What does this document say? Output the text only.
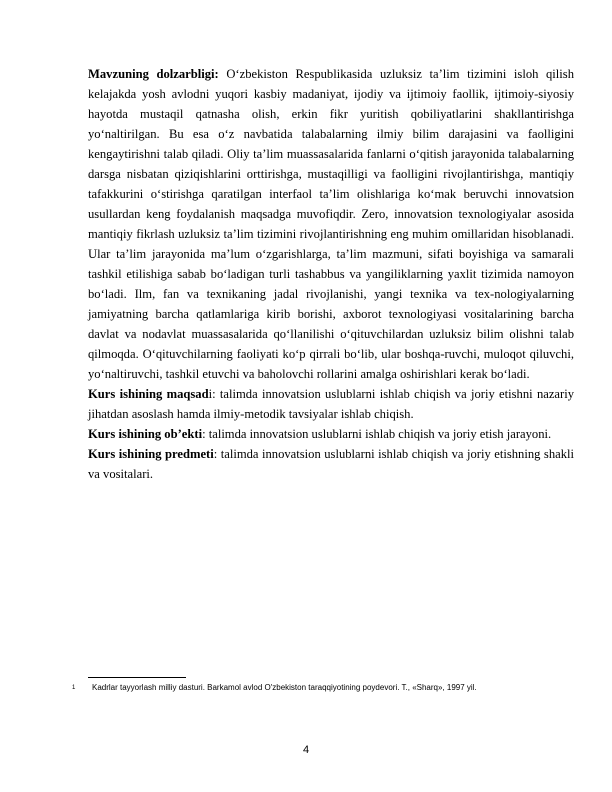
Mavzuning dolzarbligi: O‘zbekiston Respublikasida uzluksiz ta’lim tizimini isloh qilish kelajakda yosh avlodni yuqori kasbiy madaniyat, ijodiy va ijtimoiy faollik, ijtimoiy-siyosiy hayotda mustaqil qatnasha olish, erkin fikr yuritish qobiliyatlarini shakllantirishga yo‘naltirilgan. Bu esa o‘z navbatida talabalarning ilmiy bilim darajasini va faolligini kengaytirishni talab qiladi. Oliy ta’lim muassasalarida fanlarni o‘qitish jarayonida talabalarning darsga nisbatan qiziqishlarini orttirishga, mustaqilligi va faolligini rivojlantirishga, mantiqiy tafakkurini o‘stirishga qaratilgan interfaol ta’lim olishlariga ko‘mak beruvchi innovatsion usullardan keng foydalanish maqsadga muvofiqdir. Zero, innovatsion texnologiyalar asosida mantiqiy fikrlash uzluksiz ta’lim tizimini rivojlantirishning eng muhim omillaridan hisoblanadi. Ular ta’lim jarayonida ma’lum o‘zgarishlarga, ta’lim mazmuni, sifati boyishiga va samarali tashkil etilishiga sabab bo‘ladigan turli tashabbus va yangiliklarning yaxlit tizimida namoyon bo‘ladi. Ilm, fan va texnikaning jadal rivojlanishi, yangi texnika va tex-nologiyalarning jamiyatning barcha qatlamlariga kirib borishi, axborot texnologiyasi vositalarining barcha davlat va nodavlat muassasalarida qo‘llanilishi o‘qituvchilardan uzluksiz bilim olishni talab qilmoqda. O‘qituvchilarning faoliyati ko‘p qirrali bo‘lib, ular boshqa-ruvchi, muloqot qiluvchi, yo‘naltiruvchi, tashkil etuvchi va baholovchi rollarini amalga oshirishlari kerak bo‘ladi.

Kurs ishining maqsadi: talimda innovatsion uslublarni ishlab chiqish va joriy etishni nazariy jihatdan asoslash hamda ilmiy-metodik tavsiyalar ishlab chiqish.

Kurs ishining ob’ekti: talimda innovatsion uslublarni ishlab chiqish va joriy etish jarayoni.

Kurs ishining predmeti: talimda innovatsion uslublarni ishlab chiqish va joriy etishning shakli va vositalari.

1 Kadrlar tayyorlash milliy dasturi. Barkamol avlod O'zbekiston taraqqiyotining poydevori. T., «Sharq», 1997 yil.
4
